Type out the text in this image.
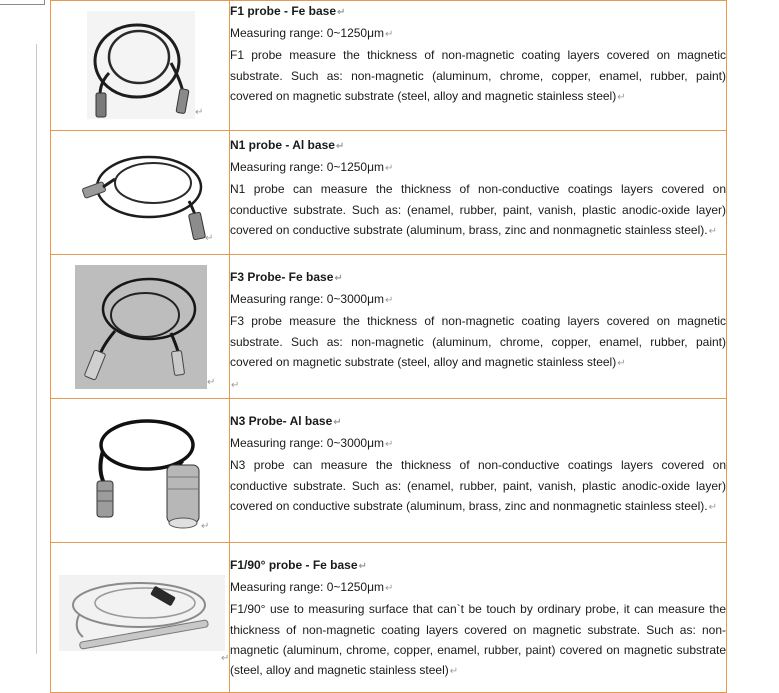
↵	F1 probe - Fe base↵

Measuring range: 0~1250μm↵

F1 probe measure the thickness of non-magnetic coating layers covered on magnetic substrate. Such as: non-magnetic (aluminum, chrome, copper, enamel, rubber, paint) covered on magnetic substrate (steel, alloy and magnetic stainless steel)↵

↵	N1 probe - Al base↵

Measuring range: 0~1250μm↵

N1 probe can measure the thickness of non-conductive coatings layers covered on conductive substrate. Such as: (enamel, rubber, paint, vanish, plastic anodic-oxide layer) covered on conductive substrate (aluminum, brass, zinc and nonmagnetic stainless steel).↵

↵	F3 Probe- Fe base↵

Measuring range: 0~3000μm↵

F3 probe measure the thickness of non-magnetic coating layers covered on magnetic substrate. Such as: non-magnetic (aluminum, chrome, copper, enamel, rubber, paint) covered on magnetic substrate (steel, alloy and magnetic stainless steel)↵

↵

↵	N3 Probe- Al base↵

Measuring range: 0~3000μm↵

N3 probe can measure the thickness of non-conductive coatings layers covered on conductive substrate. Such as: (enamel, rubber, paint, vanish, plastic anodic-oxide layer) covered on conductive substrate (aluminum, brass, zinc and nonmagnetic stainless steel).↵

↵	F1/90° probe - Fe base↵

Measuring range: 0~1250μm↵

F1/90° use to measuring surface that can`t be touch by ordinary probe, it can measure the thickness of non-magnetic coating layers covered on magnetic substrate. Such as: non-magnetic (aluminum, chrome, copper, enamel, rubber, paint) covered on magnetic substrate (steel, alloy and magnetic stainless steel)↵
